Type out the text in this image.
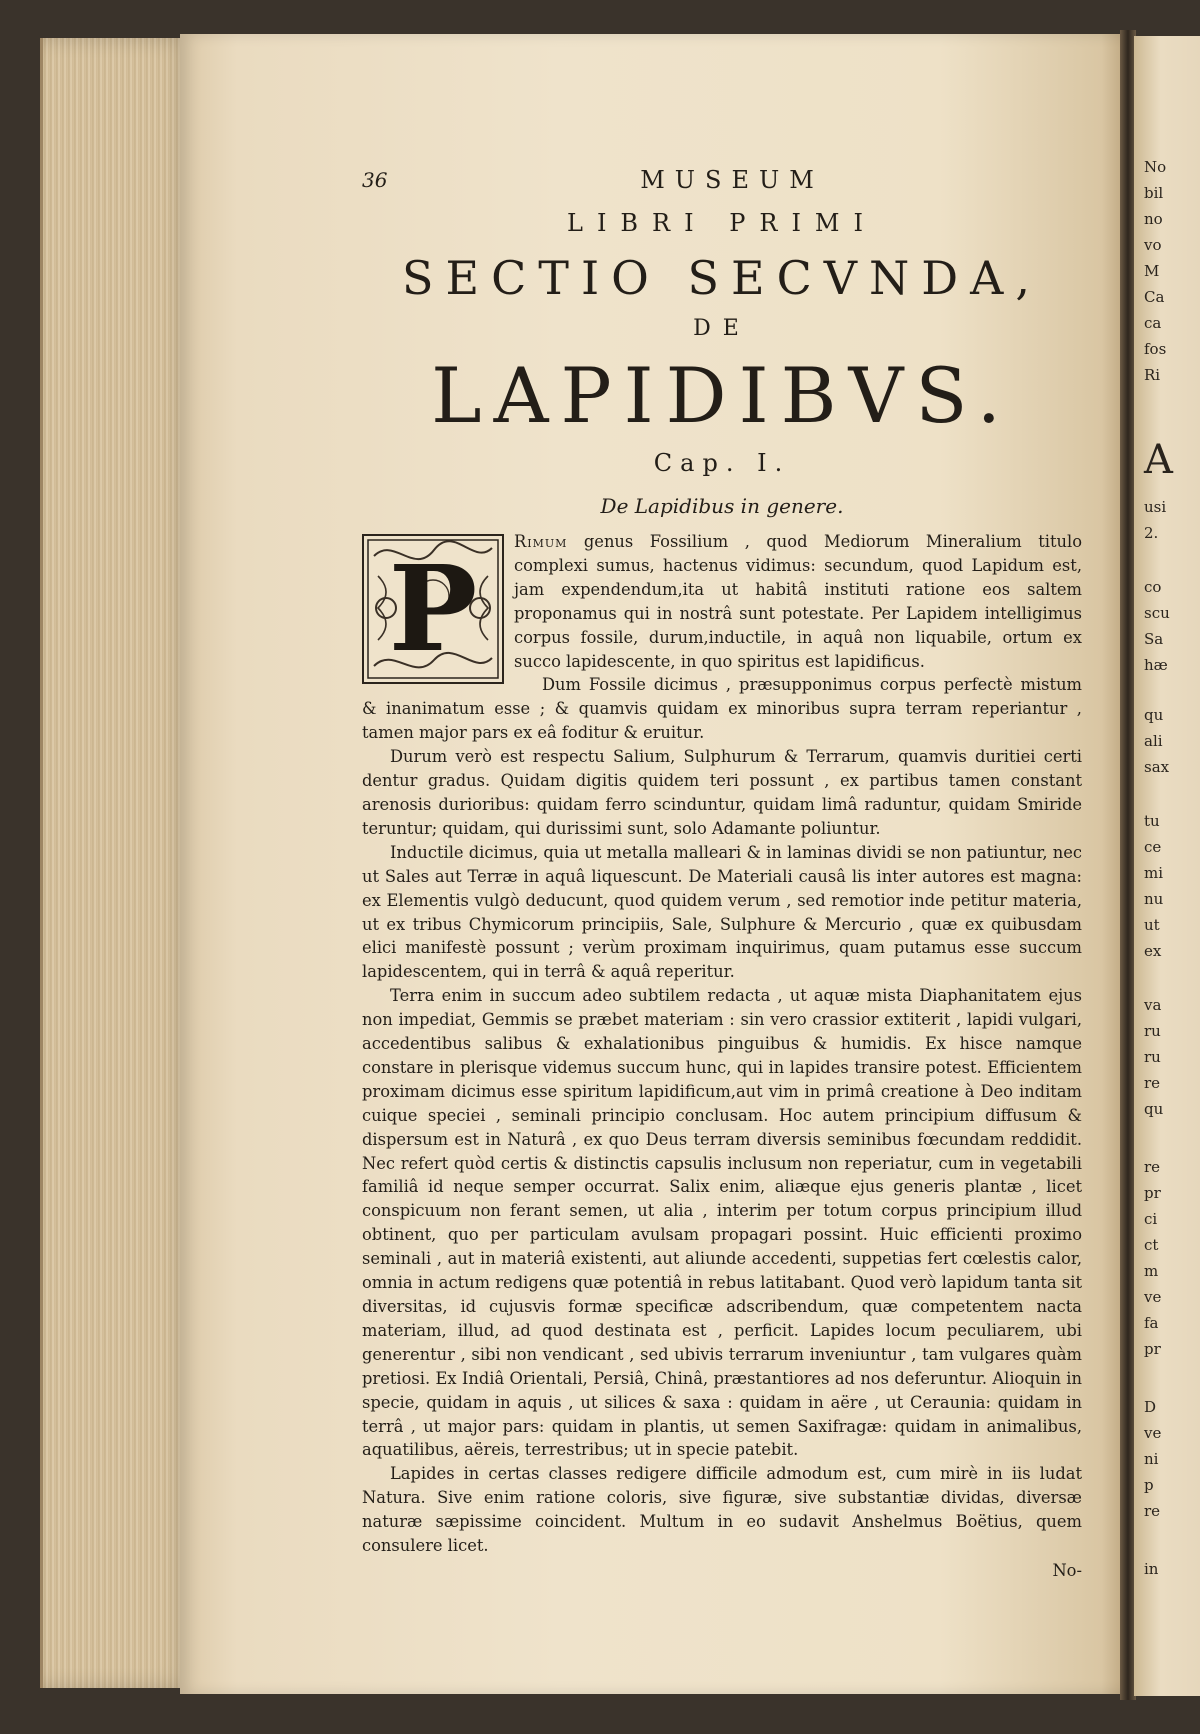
No
bil
no
vo
M
Ca
ca
fos
Ri
A
usi
2.
co
scu
Sa
hæ
qu
ali
sax
tu
ce
mi
nu
ut
ex
va
ru
ru
re
qu
re
pr
ci
ct
m
ve
fa
pr
D
ve
ni
p
re
in
36	MUSEUM
LIBRI PRIMI
SECTIO SECVNDA,
DE
LAPIDIBVS.
Cap. I.
De Lapidibus in genere.
P	Rimum genus Fossilium , quod Mediorum Mineralium titulo complexi sumus, hactenus vidimus: secundum, quod Lapidum est, jam expendendum,ita ut habitâ instituti ratione eos saltem proponamus qui in nostrâ sunt potestate. Per Lapidem intelligimus corpus fossile, durum,inductile, in aquâ non liquabile, ortum ex succo lapidescente, in quo spiritus est lapidificus.

Dum Fossile dicimus , præsupponimus corpus perfectè mistum & inanimatum esse ; & quamvis quidam ex minoribus supra terram reperiantur , tamen major pars ex eâ foditur & eruitur.

Durum verò est respectu Salium, Sulphurum & Terrarum, quamvis duritiei certi dentur gradus. Quidam digitis quidem teri possunt , ex partibus tamen constant arenosis durioribus: quidam ferro scinduntur, quidam limâ raduntur, quidam Smiride teruntur; quidam, qui durissimi sunt, solo Adamante poliuntur.

Inductile dicimus, quia ut metalla malleari & in laminas dividi se non patiuntur, nec ut Sales aut Terræ in aquâ liquescunt. De Materiali causâ lis inter autores est magna: ex Elementis vulgò deducunt, quod quidem verum , sed remotior inde petitur materia, ut ex tribus Chymicorum principiis, Sale, Sulphure & Mercurio , quæ ex quibusdam elici manifestè possunt ; verùm proximam inquirimus, quam putamus esse succum lapidescentem, qui in terrâ & aquâ reperitur.

Terra enim in succum adeo subtilem redacta , ut aquæ mista Diaphanitatem ejus non impediat, Gemmis se præbet materiam : sin vero crassior extiterit , lapidi vulgari, accedentibus salibus & exhalationibus pinguibus & humidis. Ex hisce namque constare in plerisque videmus succum hunc, qui in lapides transire potest. Efficientem proximam dicimus esse spiritum lapidificum,aut vim in primâ creatione à Deo inditam cuique speciei , seminali principio conclusam. Hoc autem principium diffusum & dispersum est in Naturâ , ex quo Deus terram diversis seminibus fœcundam reddidit. Nec refert quòd certis & distinctis capsulis inclusum non reperiatur, cum in vegetabili familiâ id neque semper occurrat. Salix enim, aliæque ejus generis plantæ , licet conspicuum non ferant semen, ut alia , interim per totum corpus principium illud obtinent, quo per particulam avulsam propagari possint. Huic efficienti proximo seminali , aut in materiâ existenti, aut aliunde accedenti, suppetias fert cœlestis calor, omnia in actum redigens quæ potentiâ in rebus latitabant. Quod verò lapidum tanta sit diversitas, id cujusvis formæ specificæ adscribendum, quæ competentem nacta materiam, illud, ad quod destinata est , perficit. Lapides locum peculiarem, ubi generentur , sibi non vendicant , sed ubivis terrarum inveniuntur , tam vulgares quàm pretiosi. Ex Indiâ Orientali, Persiâ, Chinâ, præstantiores ad nos deferuntur. Alioquin in specie, quidam in aquis , ut silices & saxa : quidam in aëre , ut Ceraunia: quidam in terrâ , ut major pars: quidam in plantis, ut semen Saxifragæ: quidam in animalibus, aquatilibus, aëreis, terrestribus; ut in specie patebit.

Lapides in certas classes redigere difficile admodum est, cum mirè in iis ludat Natura. Sive enim ratione coloris, sive figuræ, sive substantiæ dividas, diversæ naturæ sæpissime coincident. Multum in eo sudavit Anshelmus Boëtius, quem consulere licet.

No-
